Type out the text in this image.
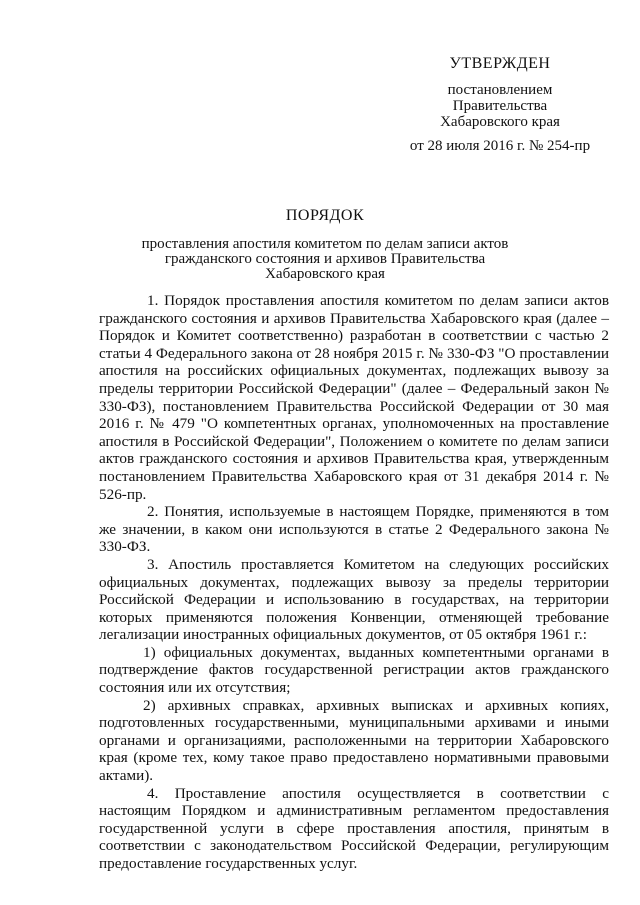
УТВЕРЖДЕН
постановлением
Правительства
Хабаровского края
от 28 июля 2016 г. № 254-пр
ПОРЯДОК
проставления апостиля комитетом по делам записи актов
гражданского состояния и архивов Правительства
Хабаровского края

1. Порядок проставления апостиля комитетом по делам записи актов гражданского состояния и архивов Правительства Хабаровского края (далее – Порядок и Комитет соответственно) разработан в соответствии с частью 2 статьи 4 Федерального закона от 28 ноября 2015 г. № 330-ФЗ "О проставлении апостиля на российских официальных документах, подлежащих вывозу за пределы территории Российской Федерации" (далее – Федеральный закон № 330-ФЗ), постановлением Правительства Российской Федерации от 30 мая 2016 г. № 479 "О компетентных органах, уполномоченных на проставление апостиля в Российской Федерации", Положением о комитете по делам записи актов гражданского состояния и архивов Правительства края, утвержденным постановлением Правительства Хабаровского края от 31 декабря 2014 г. № 526-пр.

2. Понятия, используемые в настоящем Порядке, применяются в том же значении, в каком они используются в статье 2 Федерального закона № 330-ФЗ.

3. Апостиль проставляется Комитетом на следующих российских официальных документах, подлежащих вывозу за пределы территории Российской Федерации и использованию в государствах, на территории которых применяются положения Конвенции, отменяющей требование легализации иностранных официальных документов, от 05 октября 1961 г.:

1) официальных документах, выданных компетентными органами в подтверждение фактов государственной регистрации актов гражданского состояния или их отсутствия;

2) архивных справках, архивных выписках и архивных копиях, подготовленных государственными, муниципальными архивами и иными органами и организациями, расположенными на территории Хабаровского края (кроме тех, кому такое право предоставлено нормативными правовыми актами).

4. Проставление апостиля осуществляется в соответствии с настоящим Порядком и административным регламентом предоставления государственной услуги в сфере проставления апостиля, принятым в соответствии с законодательством Российской Федерации, регулирующим предоставление государственных услуг.
